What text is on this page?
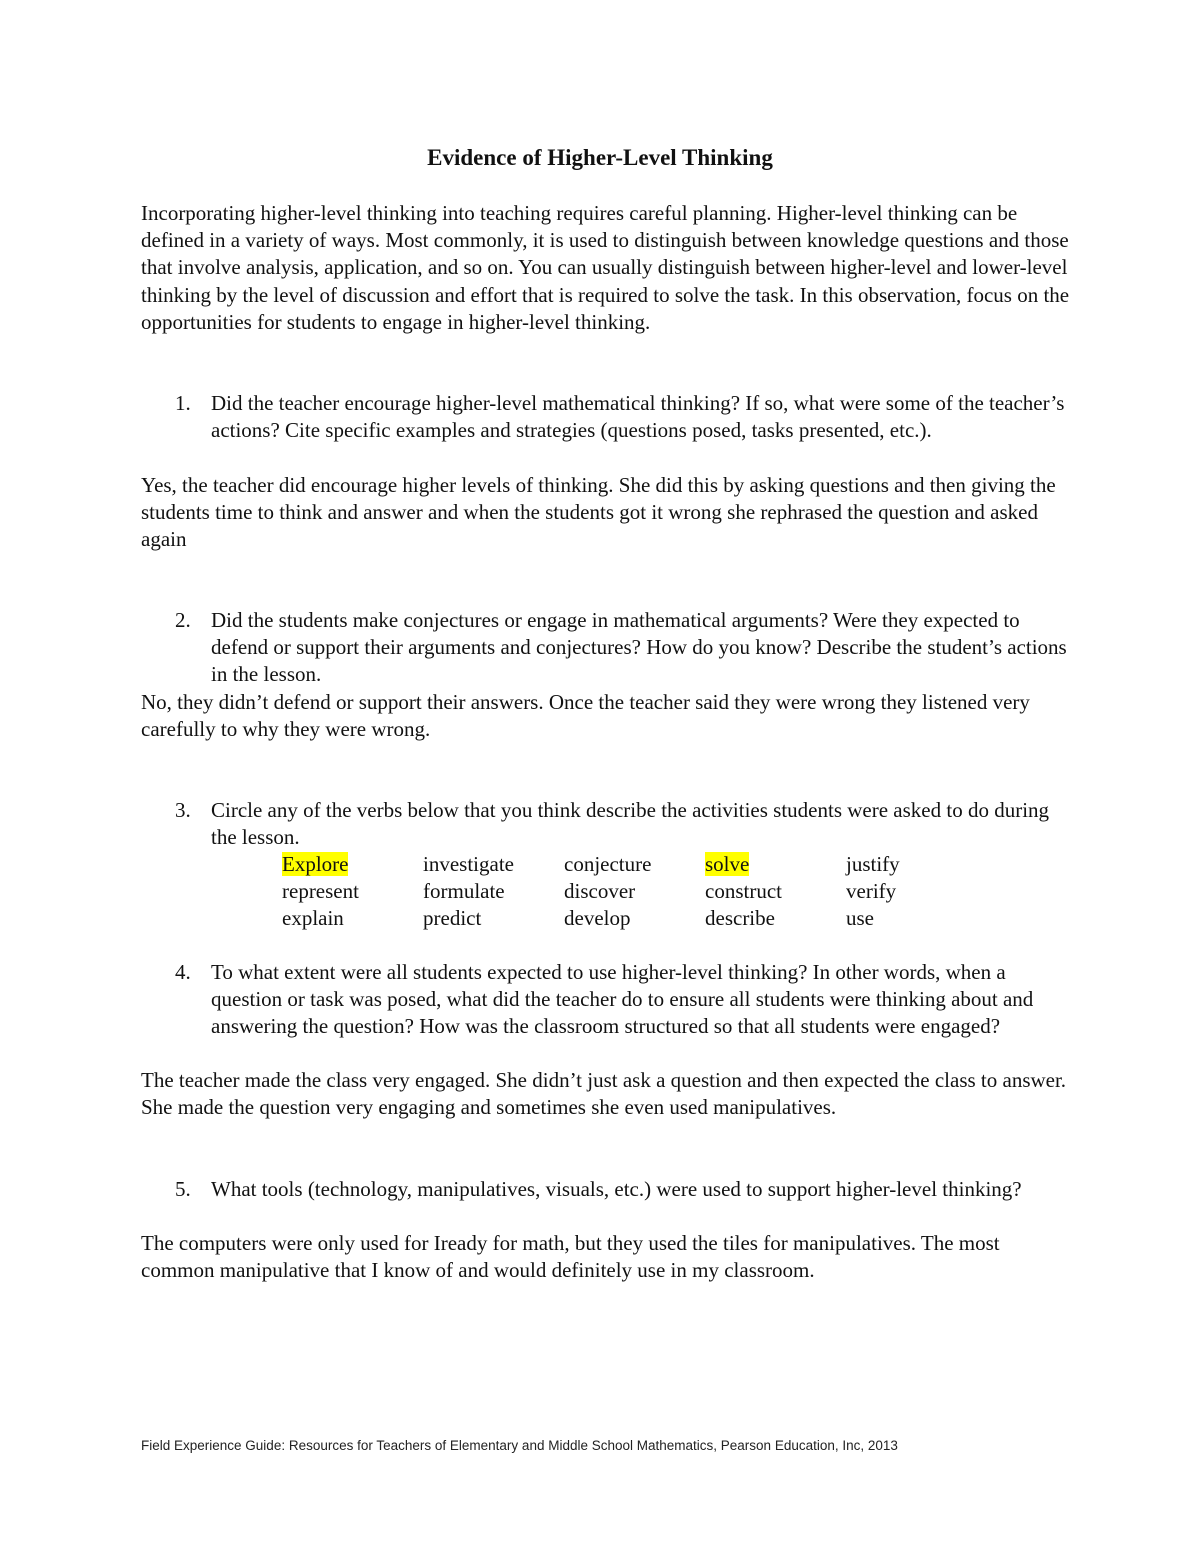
Evidence of Higher-Level Thinking
Incorporating higher-level thinking into teaching requires careful planning. Higher-level thinking can be defined in a variety of ways. Most commonly, it is used to distinguish between knowledge questions and those that involve analysis, application, and so on. You can usually distinguish between higher-level and lower-level thinking by the level of discussion and effort that is required to solve the task. In this observation, focus on the opportunities for students to engage in higher-level thinking.
1. Did the teacher encourage higher-level mathematical thinking? If so, what were some of the teacher’s actions? Cite specific examples and strategies (questions posed, tasks presented, etc.).
Yes, the teacher did encourage higher levels of thinking. She did this by asking questions and then giving the students time to think and answer and when the students got it wrong she rephrased the question and asked again
2. Did the students make conjectures or engage in mathematical arguments? Were they expected to defend or support their arguments and conjectures? How do you know? Describe the student’s actions in the lesson.
No, they didn’t defend or support their answers. Once the teacher said they were wrong they listened very carefully to why they were wrong.
3. Circle any of the verbs below that you think describe the activities students were asked to do during the lesson.
Explore	investigate	conjecture	solve	justify
represent	formulate	discover	construct	verify
explain	predict	develop	describe	use
4. To what extent were all students expected to use higher-level thinking? In other words, when a question or task was posed, what did the teacher do to ensure all students were thinking about and answering the question? How was the classroom structured so that all students were engaged?
The teacher made the class very engaged. She didn’t just ask a question and then expected the class to answer. She made the question very engaging and sometimes she even used manipulatives.
5. What tools (technology, manipulatives, visuals, etc.) were used to support higher-level thinking?
The computers were only used for Iready for math, but they used the tiles for manipulatives. The most common manipulative that I know of and would definitely use in my classroom.
Field Experience Guide: Resources for Teachers of Elementary and Middle School Mathematics, Pearson Education, Inc, 2013
